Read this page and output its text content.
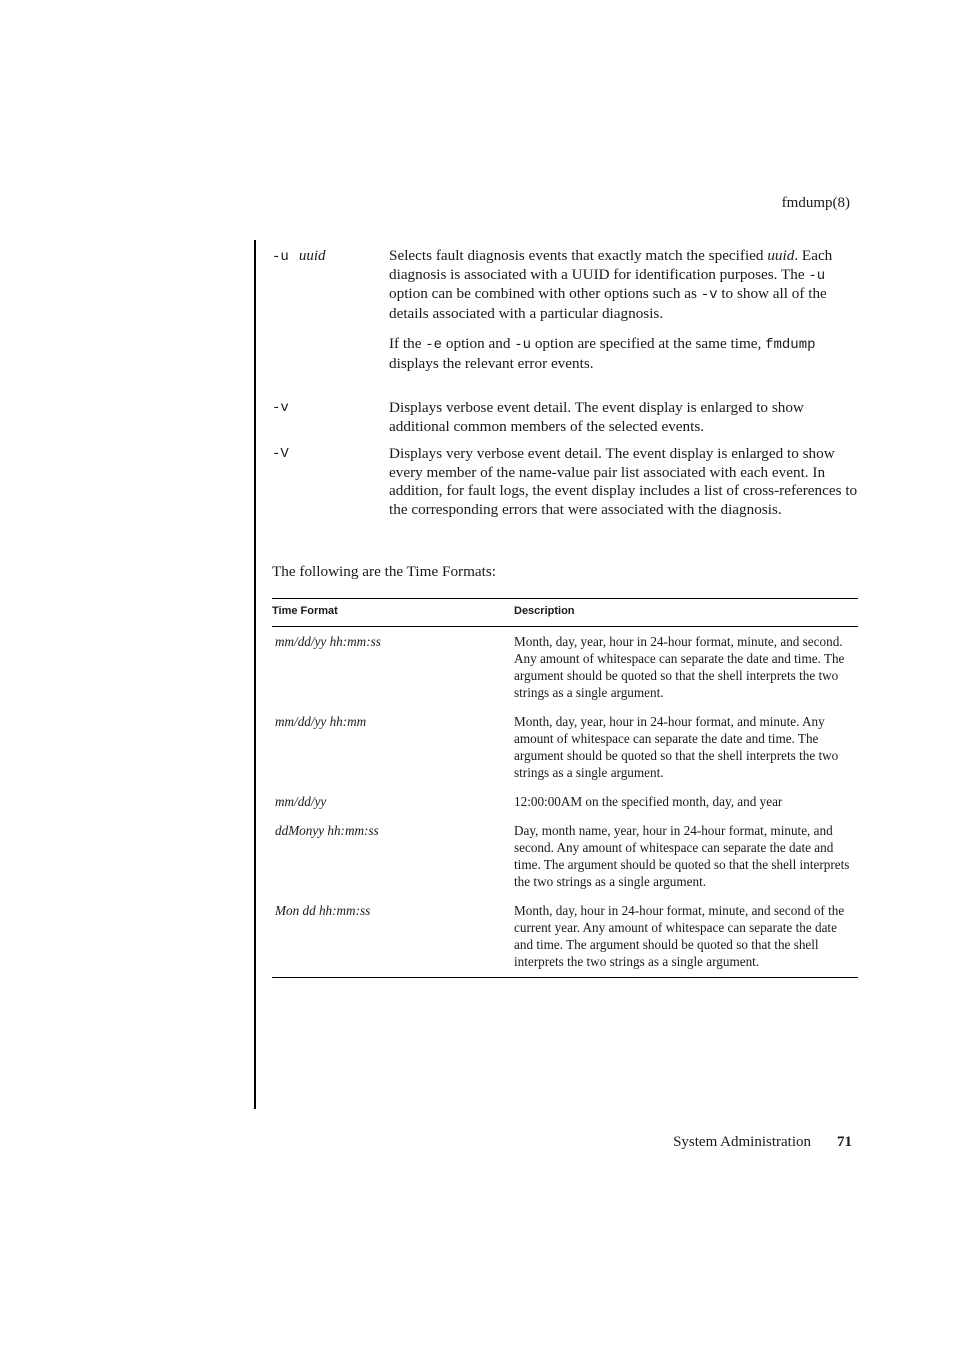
fmdump(8)
-u uuid	Selects fault diagnosis events that exactly match the specified uuid. Each diagnosis is associated with a UUID for identification purposes. The -u option can be combined with other options such as -v to show all of the details associated with a particular diagnosis.

If the -e option and -u option are specified at the same time, fmdump displays the relevant error events.

-v	Displays verbose event detail. The event display is enlarged to show additional common members of the selected events.

-V	Displays very verbose event detail. The event display is enlarged to show every member of the name-value pair list associated with each event. In addition, for fault logs, the event display includes a list of cross-references to the corresponding errors that were associated with the diagnosis.

The following are the Time Formats:
Time Format	Description
mm/dd/yy hh:mm:ss	Month, day, year, hour in 24-hour format, minute, and second. Any amount of whitespace can separate the date and time. The argument should be quoted so that the shell interprets the two strings as a single argument.
mm/dd/yy hh:mm	Month, day, year, hour in 24-hour format, and minute. Any amount of whitespace can separate the date and time. The argument should be quoted so that the shell interprets the two strings as a single argument.
mm/dd/yy	12:00:00AM on the specified month, day, and year
ddMonyy hh:mm:ss	Day, month name, year, hour in 24-hour format, minute, and second. Any amount of whitespace can separate the date and time. The argument should be quoted so that the shell interprets the two strings as a single argument.
Mon dd hh:mm:ss	Month, day, hour in 24-hour format, minute, and second of the current year. Any amount of whitespace can separate the date and time. The argument should be quoted so that the shell interprets the two strings as a single argument.
System Administration 71
